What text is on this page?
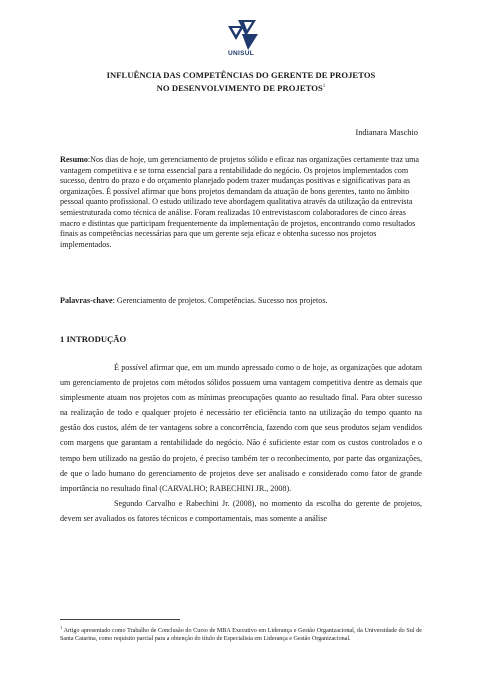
UNISUL
INFLUÊNCIA DAS COMPETÊNCIAS DO GERENTE DE PROJETOS
NO DESENVOLVIMENTO DE PROJETOS$^1$
Indianara Maschio
Resumo:Nos dias de hoje, um gerenciamento de projetos sólido e eficaz nas organizações certamente traz uma vantagem competitiva e se torna essencial para a rentabilidade do negócio. Os projetos implementados com sucesso, dentro do prazo e do orçamento planejado podem trazer mudanças positivas e significativas para as organizações. É possível afirmar que bons projetos demandam da atuação de bons gerentes, tanto no âmbito pessoal quanto profissional. O estudo utilizado teve abordagem qualitativa através da utilização da entrevista semiestruturada como técnica de análise. Foram realizadas 10 entrevistascom colaboradores de cinco áreas macro e distintas que participam frequentemente da implementação de projetos, encontrando como resultados finais as competências necessárias para que um gerente seja eficaz e obtenha sucesso nos projetos implementados.
Palavras-chave: Gerenciamento de projetos. Competências. Sucesso nos projetos.
1 INTRODUÇÃO

É possível afirmar que, em um mundo apressado como o de hoje, as organizações que adotam um gerenciamento de projetos com métodos sólidos possuem uma vantagem competitiva dentre as demais que simplesmente atuam nos projetos com as mínimas preocupações quanto ao resultado final. Para obter sucesso na realização de todo e qualquer projeto é necessário ter eficiência tanto na utilização do tempo quanto na gestão dos custos, além de ter vantagens sobre a concorrência, fazendo com que seus produtos sejam vendidos com margens que garantam a rentabilidade do negócio. Não é suficiente estar com os custos controlados e o tempo bem utilizado na gestão do projeto, é preciso também ter o reconhecimento, por parte das organizações, de que o lado humano do gerenciamento de projetos deve ser analisado e considerado como fator de grande importância no resultado final (CARVALHO; RABECHINI JR., 2008).

Segundo Carvalho e Rabechini Jr. (2008), no momento da escolha do gerente de projetos, devem ser avaliados os fatores técnicos e comportamentais, mas somente a análise

$^1$ Artigo apresentado como Trabalho de Conclusão do Curso de MBA Executivo em Liderança e Gestão Organizacional, da Universidade do Sul de Santa Catarina, como requisito parcial para a obtenção do título de Especialista em Liderança e Gestão Organizacional.
